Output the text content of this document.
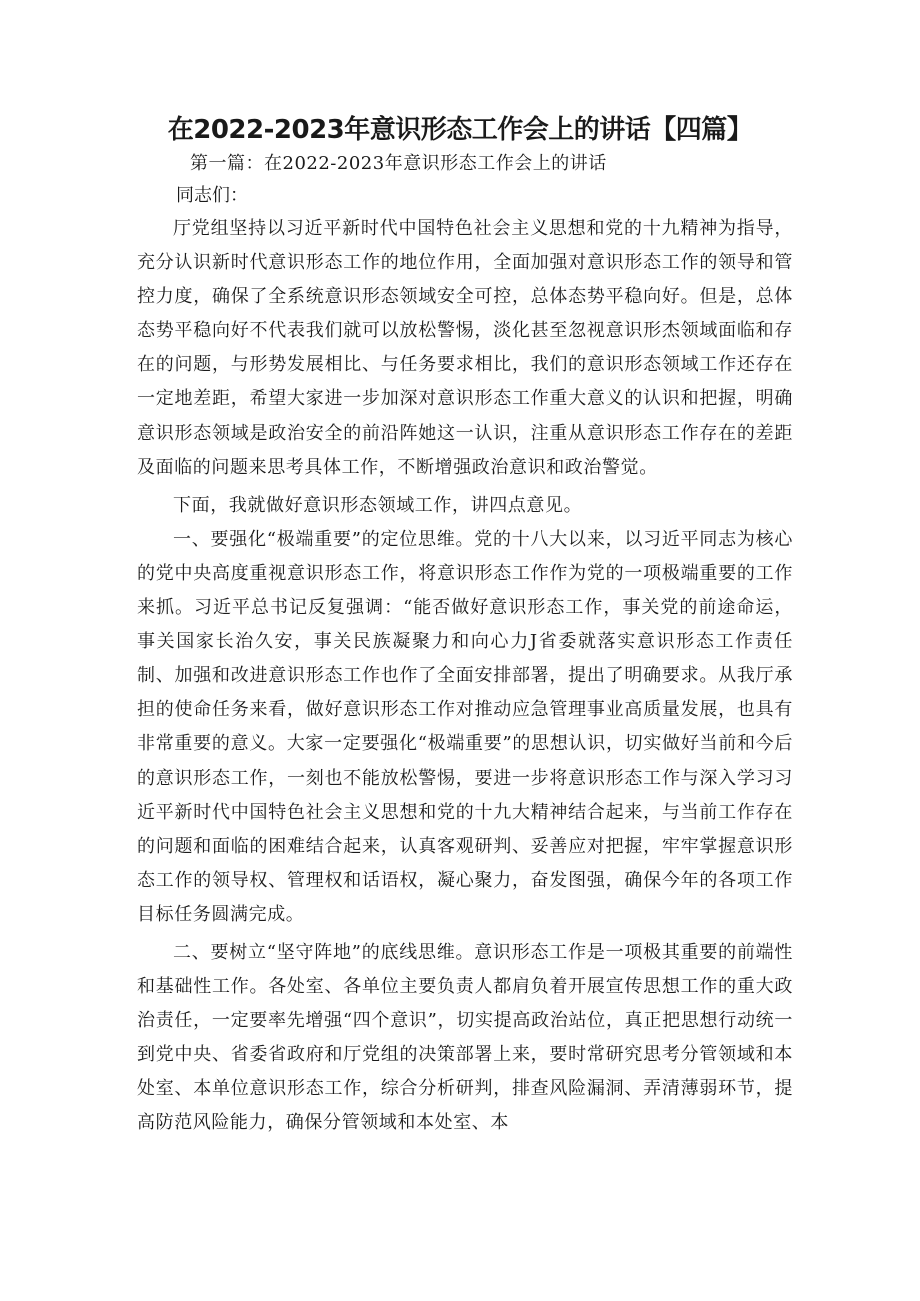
在2022-2023年意识形态工作会上的讲话【四篇】

第一篇：在2022-2023年意识形态工作会上的讲话

同志们：

厅党组坚持以习近平新时代中国特色社会主义思想和党的十九精神为指导，充分认识新时代意识形态工作的地位作用，全面加强对意识形态工作的领导和管控力度，确保了全系统意识形态领域安全可控，总体态势平稳向好。但是，总体态势平稳向好不代表我们就可以放松警惕，淡化甚至忽视意识形杰领域面临和存在的问题，与形势发展相比、与任务要求相比，我们的意识形态领域工作还存在一定地差距，希望大家进一步加深对意识形态工作重大意义的认识和把握，明确意识形态领域是政治安全的前沿阵她这一认识，注重从意识形态工作存在的差距及面临的问题来思考具体工作，不断增强政治意识和政治警觉。

下面，我就做好意识形态领域工作，讲四点意见。

一、要强化“极端重要”的定位思维。党的十八大以来，以习近平同志为核心的党中央高度重视意识形态工作，将意识形态工作作为党的一项极端重要的工作来抓。习近平总书记反复强调：“能否做好意识形态工作，事关党的前途命运，事关国家长治久安，事关民族凝聚力和向心力J省委就落实意识形态工作责任制、加强和改进意识形态工作也作了全面安排部署，提出了明确要求。从我厅承担的使命任务来看，做好意识形态工作对推动应急管理事业高质量发展，也具有非常重要的意义。大家一定要强化“极端重要”的思想认识，切实做好当前和今后的意识形态工作，一刻也不能放松警惕，要进一步将意识形态工作与深入学习习近平新时代中国特色社会主义思想和党的十九大精神结合起来，与当前工作存在的问题和面临的困难结合起来，认真客观研判、妥善应对把握，牢牢掌握意识形态工作的领导权、管理权和话语权，凝心聚力，奋发图强，确保今年的各项工作目标任务圆满完成。

二、要树立“坚守阵地”的底线思维。意识形态工作是一项极其重要的前端性和基础性工作。各处室、各单位主要负责人都肩负着开展宣传思想工作的重大政治责任，一定要率先增强“四个意识”，切实提高政治站位，真正把思想行动统一到党中央、省委省政府和厅党组的决策部署上来，要时常研究思考分管领域和本处室、本单位意识形态工作，综合分析研判，排查风险漏洞、弄清薄弱环节，提高防范风险能力，确保分管领域和本处室、本
